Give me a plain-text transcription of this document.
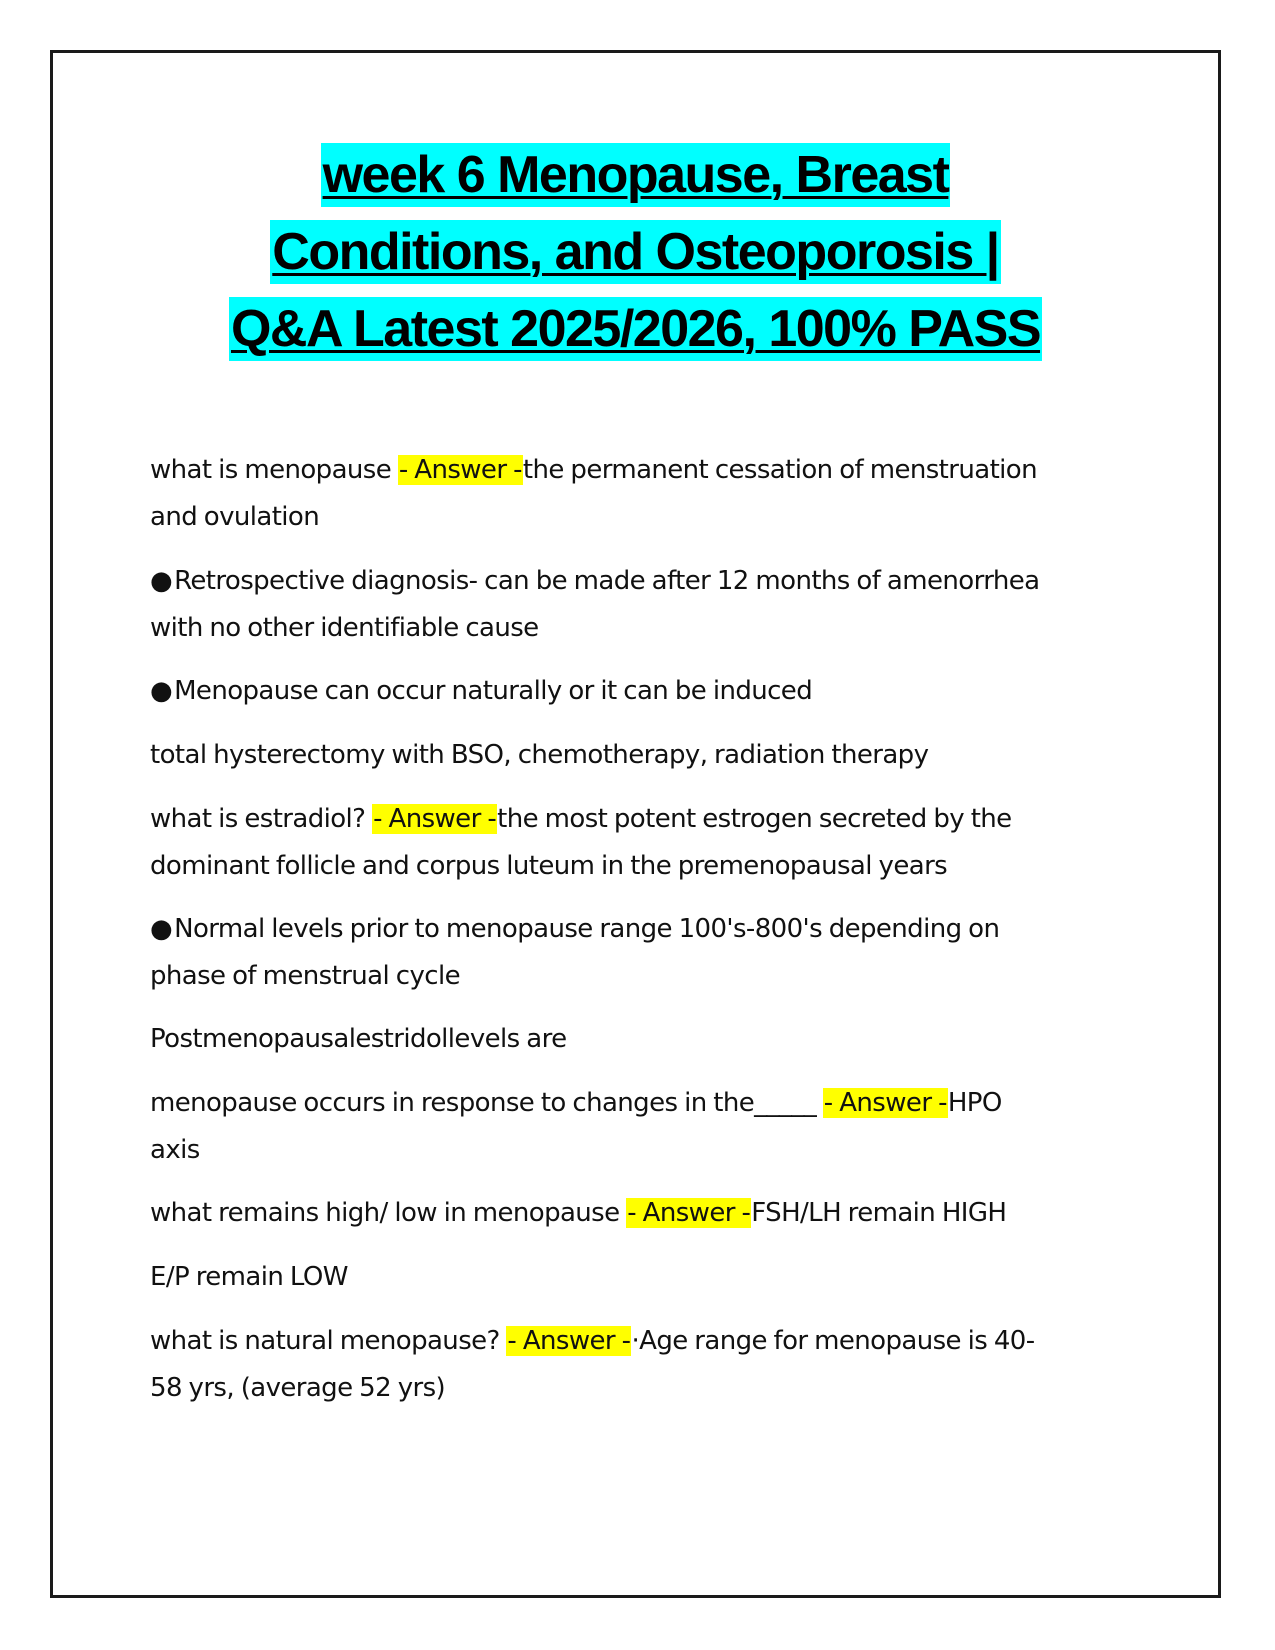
week 6 Menopause, Breast
Conditions, and Osteoporosis |
Q&A Latest 2025/2026, 100% PASS
what is menopause - Answer -the permanent cessation of menstruation
and ovulation
●Retrospective diagnosis- can be made after 12 months of amenorrhea
with no other identifiable cause
●Menopause can occur naturally or it can be induced
total hysterectomy with BSO, chemotherapy, radiation therapy
what is estradiol? - Answer -the most potent estrogen secreted by the
dominant follicle and corpus luteum in the premenopausal years
●Normal levels prior to menopause range 100's-800's depending on
phase of menstrual cycle
Postmenopausalestridollevels are
menopause occurs in response to changes in the_____ - Answer -HPO
axis
what remains high/ low in menopause - Answer -FSH/LH remain HIGH
E/P remain LOW
what is natural menopause? - Answer -·Age range for menopause is 40-
58 yrs, (average 52 yrs)
